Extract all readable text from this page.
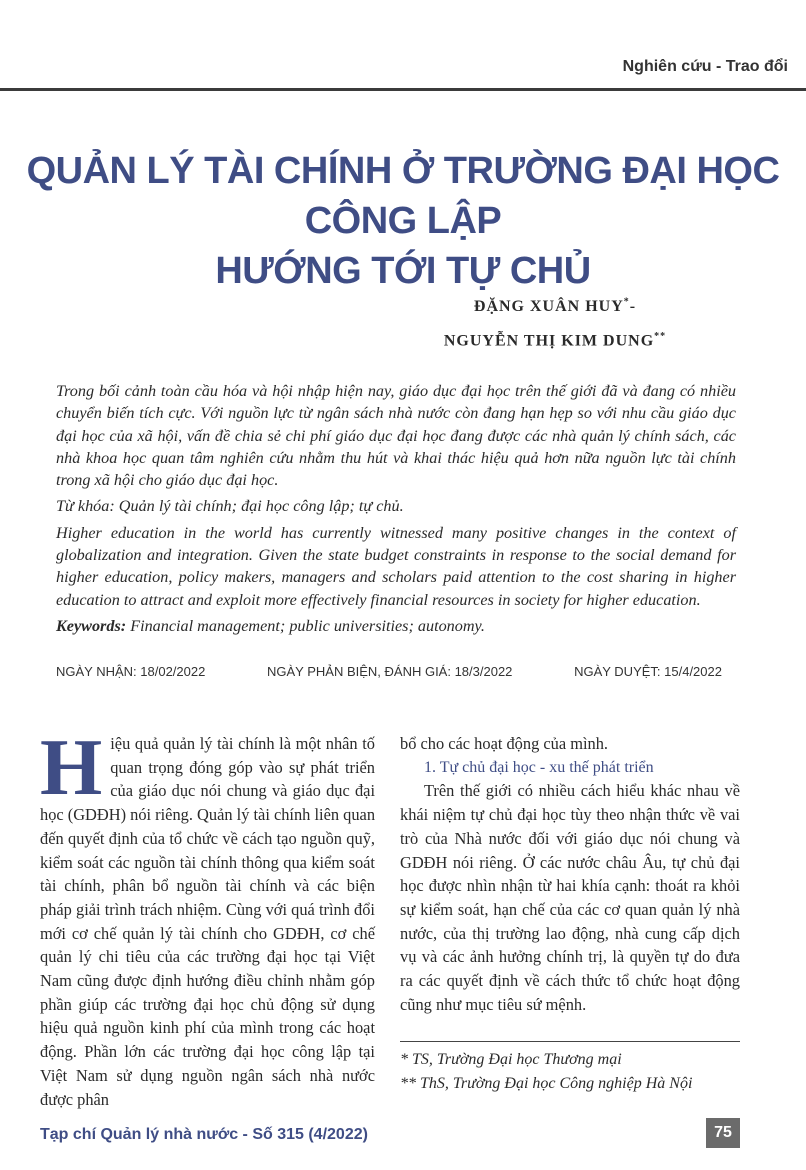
Nghiên cứu - Trao đổi
QUẢN LÝ TÀI CHÍNH Ở TRƯỜNG ĐẠI HỌC CÔNG LẬP
HƯỚNG TỚI TỰ CHỦ
ĐẶNG XUÂN HUY*-
NGUYỄN THỊ KIM DUNG**

Trong bối cảnh toàn cầu hóa và hội nhập hiện nay, giáo dục đại học trên thế giới đã và đang có nhiều chuyển biến tích cực. Với nguồn lực từ ngân sách nhà nước còn đang hạn hẹp so với nhu cầu giáo dục đại học của xã hội, vấn đề chia sẻ chi phí giáo dục đại học đang được các nhà quản lý chính sách, các nhà khoa học quan tâm nghiên cứu nhằm thu hút và khai thác hiệu quả hơn nữa nguồn lực tài chính trong xã hội cho giáo dục đại học.

Từ khóa: Quản lý tài chính; đại học công lập; tự chủ.

Higher education in the world has currently witnessed many positive changes in the context of globalization and integration. Given the state budget constraints in response to the social demand for higher education, policy makers, managers and scholars paid attention to the cost sharing in higher education to attract and exploit more effectively financial resources in society for higher education.

Keywords: Financial management; public universities; autonomy.

NGÀY NHẬN: 18/02/2022	NGÀY PHẢN BIỆN, ĐÁNH GIÁ: 18/3/2022	NGÀY DUYỆT: 15/4/2022

Hiệu quả quản lý tài chính là một nhân tố quan trọng đóng góp vào sự phát triển của giáo dục nói chung và giáo dục đại học (GDĐH) nói riêng. Quản lý tài chính liên quan đến quyết định của tổ chức về cách tạo nguồn quỹ, kiểm soát các nguồn tài chính thông qua kiểm soát tài chính, phân bổ nguồn tài chính và các biện pháp giải trình trách nhiệm. Cùng với quá trình đổi mới cơ chế quản lý tài chính cho GDĐH, cơ chế quản lý chi tiêu của các trường đại học tại Việt Nam cũng được định hướng điều chỉnh nhằm góp phần giúp các trường đại học chủ động sử dụng hiệu quả nguồn kinh phí của mình trong các hoạt động. Phần lớn các trường đại học công lập tại Việt Nam sử dụng nguồn ngân sách nhà nước được phân

bổ cho các hoạt động của mình.

1. Tự chủ đại học - xu thế phát triển

Trên thế giới có nhiều cách hiểu khác nhau về khái niệm tự chủ đại học tùy theo nhận thức về vai trò của Nhà nước đối với giáo dục nói chung và GDĐH nói riêng. Ở các nước châu Âu, tự chủ đại học được nhìn nhận từ hai khía cạnh: thoát ra khỏi sự kiểm soát, hạn chế của các cơ quan quản lý nhà nước, của thị trường lao động, nhà cung cấp dịch vụ và các ảnh hưởng chính trị, là quyền tự do đưa ra các quyết định về cách thức tổ chức hoạt động cũng như mục tiêu sứ mệnh.

* TS, Trường Đại học Thương mại
** ThS, Trường Đại học Công nghiệp Hà Nội
Tạp chí Quản lý nhà nước - Số 315 (4/2022)	75
